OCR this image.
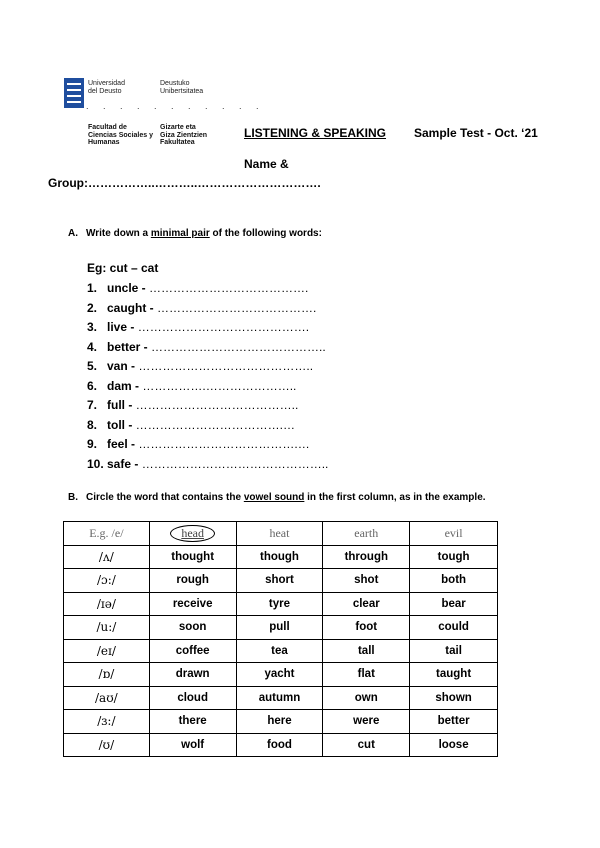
Universidad
del Deusto
Deustuko
Unibertsitatea
. . . . . . . . . . .
Facultad de
Ciencias Sociales y
Humanas
Gizarte eta
Giza Zientzien
Fakultatea
LISTENING & SPEAKING Sample Test - Oct. ‘21
Name &
Group:……………..………..………………………….
A. Write down a minimal pair of the following words:
Eg: cut – cat
1. uncle - ………………………………….
2. caught - ………………………………….
3. live - …………………………………….
4. better - ……………………………………..
5. van - ……………………………………..
6. dam - …………….…………………..
7. full - …………………………………..
8. toll - ……………………………….…
9. feel - ………………………………….…
10. safe - ………………………………………..
B. Circle the word that contains the vowel sound in the first column, as in the example.
E.g. /e/	head	heat	earth	evil
/ʌ/	thought	though	through	tough
/ɔ:/	rough	short	shot	both
/ɪə/	receive	tyre	clear	bear
/u:/	soon	pull	foot	could
/eɪ/	coffee	tea	tall	tail
/ɒ/	drawn	yacht	flat	taught
/aʊ/	cloud	autumn	own	shown
/ɜ:/	there	here	were	better
/ʊ/	wolf	food	cut	loose
